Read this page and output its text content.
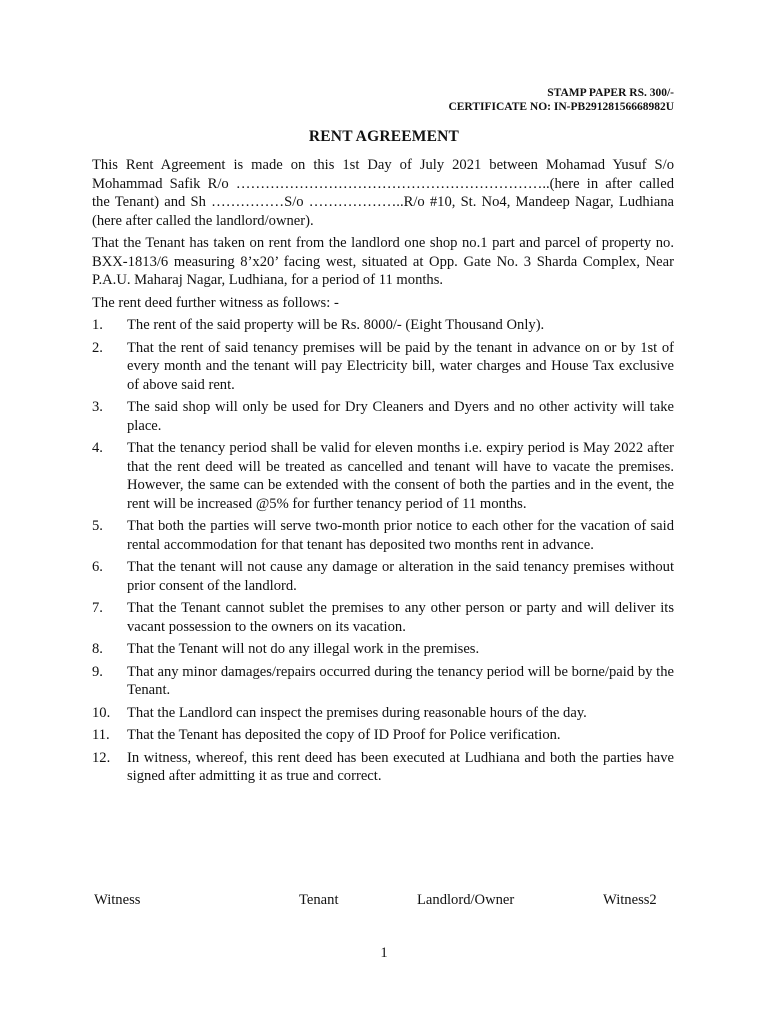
STAMP PAPER RS. 300/-
CERTIFICATE NO: IN-PB29128156668982U
RENT AGREEMENT

This Rent Agreement is made on this 1st Day of July 2021 between Mohamad Yusuf S/o Mohammad Safik R/o ………………………………………………………..(here in after called the Tenant) and Sh ……………S/o ………………..R/o #10, St. No4, Mandeep Nagar, Ludhiana (here after called the landlord/owner).

That the Tenant has taken on rent from the landlord one shop no.1 part and parcel of property no. BXX-1813/6 measuring 8’x20’ facing west, situated at Opp. Gate No. 3 Sharda Complex, Near P.A.U. Maharaj Nagar, Ludhiana, for a period of 11 months.

The rent deed further witness as follows: -

1.	The rent of the said property will be Rs. 8000/- (Eight Thousand Only).
2.	That the rent of said tenancy premises will be paid by the tenant in advance on or by 1st of every month and the tenant will pay Electricity bill, water charges and House Tax exclusive of above said rent.
3.	The said shop will only be used for Dry Cleaners and Dyers and no other activity will take place.
4.	That the tenancy period shall be valid for eleven months i.e. expiry period is May 2022 after that the rent deed will be treated as cancelled and tenant will have to vacate the premises. However, the same can be extended with the consent of both the parties and in the event, the rent will be increased @5% for further tenancy period of 11 months.
5.	That both the parties will serve two-month prior notice to each other for the vacation of said rental accommodation for that tenant has deposited two months rent in advance.
6.	That the tenant will not cause any damage or alteration in the said tenancy premises without prior consent of the landlord.
7.	That the Tenant cannot sublet the premises to any other person or party and will deliver its vacant possession to the owners on its vacation.
8.	That the Tenant will not do any illegal work in the premises.
9.	That any minor damages/repairs occurred during the tenancy period will be borne/paid by the Tenant.
10.	That the Landlord can inspect the premises during reasonable hours of the day.
11.	That the Tenant has deposited the copy of ID Proof for Police verification.
12.	In witness, whereof, this rent deed has been executed at Ludhiana and both the parties have signed after admitting it as true and correct.
Witness	Tenant	Landlord/Owner	Witness2
1
